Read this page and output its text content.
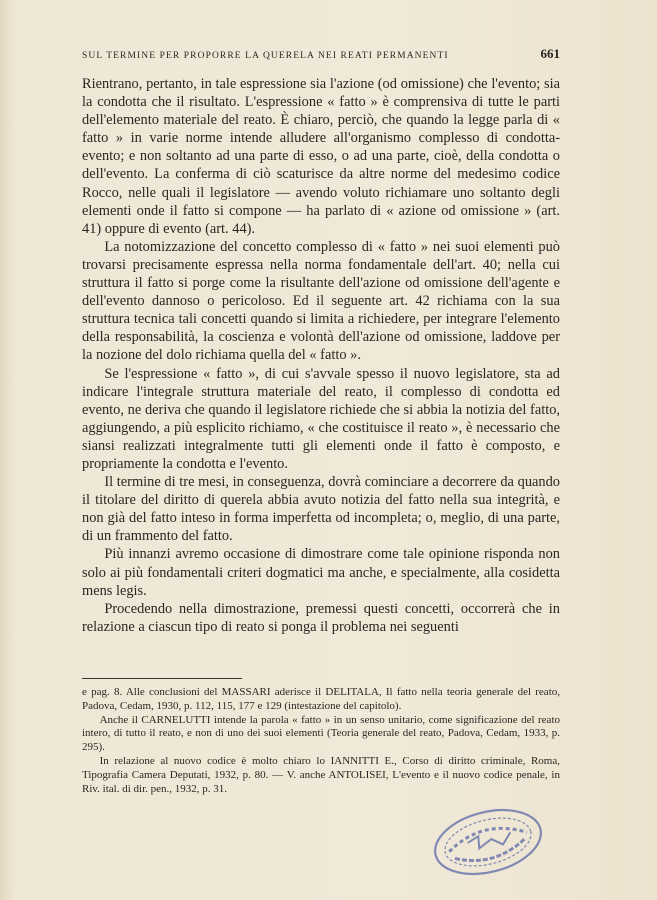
SUL TERMINE PER PROPORRE LA QUERELA NEI REATI PERMANENTI	661

Rientrano, pertanto, in tale espressione sia l'azione (od omissione) che l'evento; sia la condotta che il risultato. L'espressione « fatto » è comprensiva di tutte le parti dell'elemento materiale del reato. È chiaro, perciò, che quando la legge parla di « fatto » in varie norme intende alludere all'organismo complesso di condotta-evento; e non soltanto ad una parte di esso, o ad una parte, cioè, della condotta o dell'evento. La conferma di ciò scaturisce da altre norme del medesimo codice Rocco, nelle quali il legislatore — avendo voluto richiamare uno soltanto degli elementi onde il fatto si compone — ha parlato di « azione od omissione » (art. 41) oppure di evento (art. 44).

La notomizzazione del concetto complesso di « fatto » nei suoi elementi può trovarsi precisamente espressa nella norma fondamentale dell'art. 40; nella cui struttura il fatto si porge come la risultante dell'azione od omissione dell'agente e dell'evento dannoso o pericoloso. Ed il seguente art. 42 richiama con la sua struttura tecnica tali concetti quando si limita a richiedere, per integrare l'elemento della responsabilità, la coscienza e volontà dell'azione od omissione, laddove per la nozione del dolo richiama quella del « fatto ».

Se l'espressione « fatto », di cui s'avvale spesso il nuovo legislatore, sta ad indicare l'integrale struttura materiale del reato, il complesso di condotta ed evento, ne deriva che quando il legislatore richiede che si abbia la notizia del fatto, aggiungendo, a più esplicito richiamo, « che costituisce il reato », è necessario che siansi realizzati integralmente tutti gli elementi onde il fatto è composto, e propriamente la condotta e l'evento.

Il termine di tre mesi, in conseguenza, dovrà cominciare a decorrere da quando il titolare del diritto di querela abbia avuto notizia del fatto nella sua integrità, e non già del fatto inteso in forma imperfetta od incompleta; o, meglio, di una parte, di un frammento del fatto.

Più innanzi avremo occasione di dimostrare come tale opinione risponda non solo ai più fondamentali criteri dogmatici ma anche, e specialmente, alla cosidetta mens legis.

Procedendo nella dimostrazione, premessi questi concetti, occorrerà che in relazione a ciascun tipo di reato si ponga il problema nei seguenti

e pag. 8. Alle conclusioni del MASSARI aderisce il DELITALA, Il fatto nella teoria generale del reato, Padova, Cedam, 1930, p. 112, 115, 177 e 129 (intestazione del capitolo).

Anche il CARNELUTTI intende la parola « fatto » in un senso unitario, come significazione del reato intero, di tutto il reato, e non di uno dei suoi elementi (Teoria generale del reato, Padova, Cedam, 1933, p. 295).

In relazione al nuovo codice è molto chiaro lo IANNITTI E., Corso di diritto criminale, Roma, Tipografia Camera Deputati, 1932, p. 80. — V. anche ANTOLISEI, L'evento e il nuovo codice penale, in Riv. ital. di dir. pen., 1932, p. 31.
